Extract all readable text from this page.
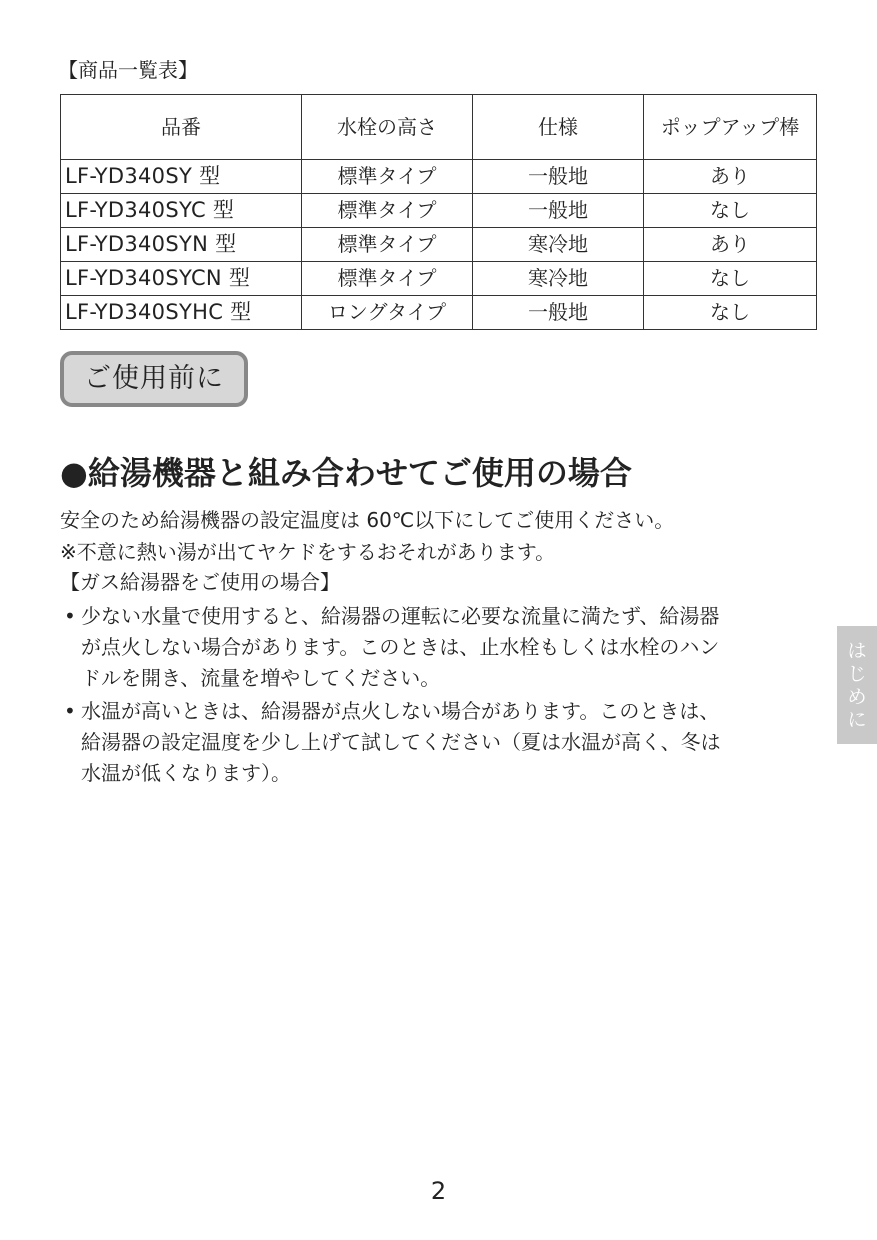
【商品一覧表】
品番	水栓の高さ	仕様	ポップアップ棒
LF-YD340SY 型	標準タイプ	一般地	あり
LF-YD340SYC 型	標準タイプ	一般地	なし
LF-YD340SYN 型	標準タイプ	寒冷地	あり
LF-YD340SYCN 型	標準タイプ	寒冷地	なし
LF-YD340SYHC 型	ロングタイプ	一般地	なし
ご使用前に
●給湯機器と組み合わせてご使用の場合
安全のため給湯機器の設定温度は 60℃以下にしてご使用ください。
※不意に熱い湯が出てヤケドをするおそれがあります。
【ガス給湯器をご使用の場合】
• 少ない水量で使用すると、給湯器の運転に必要な流量に満たず、給湯器
が点火しない場合があります。このときは、止水栓もしくは水栓のハン
ドルを開き、流量を増やしてください。
• 水温が高いときは、給湯器が点火しない場合があります。このときは、
給湯器の設定温度を少し上げて試してください（夏は水温が高く、冬は
水温が低くなります）。
は
じ
め
に
2
